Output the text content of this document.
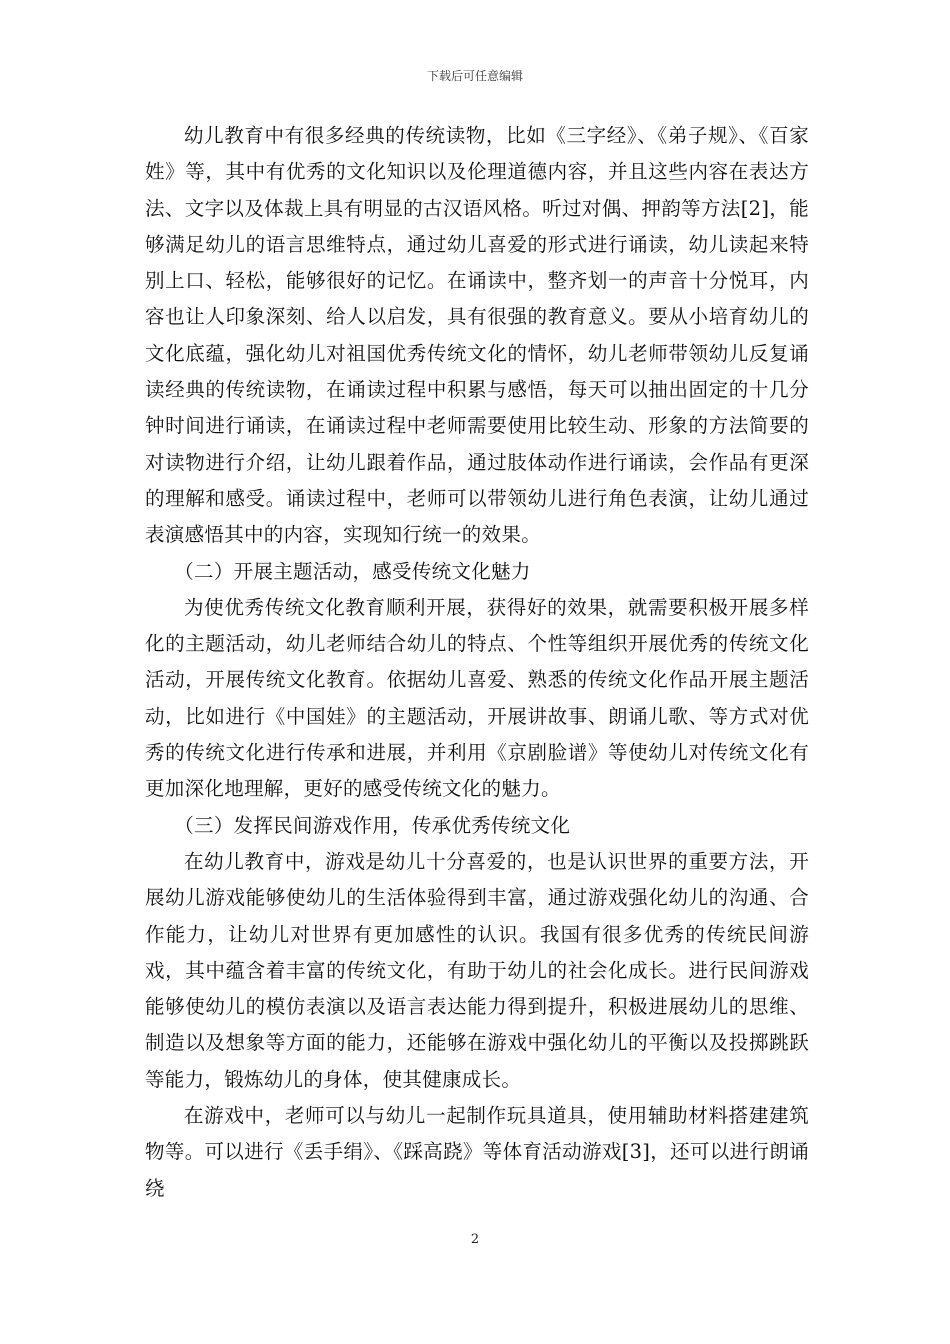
下载后可任意编辑

幼儿教育中有很多经典的传统读物，比如《三字经》、《弟子规》、《百家姓》等，其中有优秀的文化知识以及伦理道德内容，并且这些内容在表达方法、文字以及体裁上具有明显的古汉语风格。听过对偶、押韵等方法[2]，能够满足幼儿的语言思维特点，通过幼儿喜爱的形式进行诵读，幼儿读起来特别上口、轻松，能够很好的记忆。在诵读中，整齐划一的声音十分悦耳，内容也让人印象深刻、给人以启发，具有很强的教育意义。要从小培育幼儿的文化底蕴，强化幼儿对祖国优秀传统文化的情怀，幼儿老师带领幼儿反复诵读经典的传统读物，在诵读过程中积累与感悟，每天可以抽出固定的十几分钟时间进行诵读，在诵读过程中老师需要使用比较生动、形象的方法简要的对读物进行介绍，让幼儿跟着作品，通过肢体动作进行诵读，会作品有更深的理解和感受。诵读过程中，老师可以带领幼儿进行角色表演，让幼儿通过表演感悟其中的内容，实现知行统一的效果。

（二）开展主题活动，感受传统文化魅力

为使优秀传统文化教育顺利开展，获得好的效果，就需要积极开展多样化的主题活动，幼儿老师结合幼儿的特点、个性等组织开展优秀的传统文化活动，开展传统文化教育。依据幼儿喜爱、熟悉的传统文化作品开展主题活动，比如进行《中国娃》的主题活动，开展讲故事、朗诵儿歌、等方式对优秀的传统文化进行传承和进展，并利用《京剧脸谱》等使幼儿对传统文化有更加深化地理解，更好的感受传统文化的魅力。

（三）发挥民间游戏作用，传承优秀传统文化

在幼儿教育中，游戏是幼儿十分喜爱的，也是认识世界的重要方法，开展幼儿游戏能够使幼儿的生活体验得到丰富，通过游戏强化幼儿的沟通、合作能力，让幼儿对世界有更加感性的认识。我国有很多优秀的传统民间游戏，其中蕴含着丰富的传统文化，有助于幼儿的社会化成长。进行民间游戏能够使幼儿的模仿表演以及语言表达能力得到提升，积极进展幼儿的思维、制造以及想象等方面的能力，还能够在游戏中强化幼儿的平衡以及投掷跳跃等能力，锻炼幼儿的身体，使其健康成长。

在游戏中，老师可以与幼儿一起制作玩具道具，使用辅助材料搭建建筑物等。可以进行《丢手绢》、《踩高跷》等体育活动游戏[3]，还可以进行朗诵绕

2
